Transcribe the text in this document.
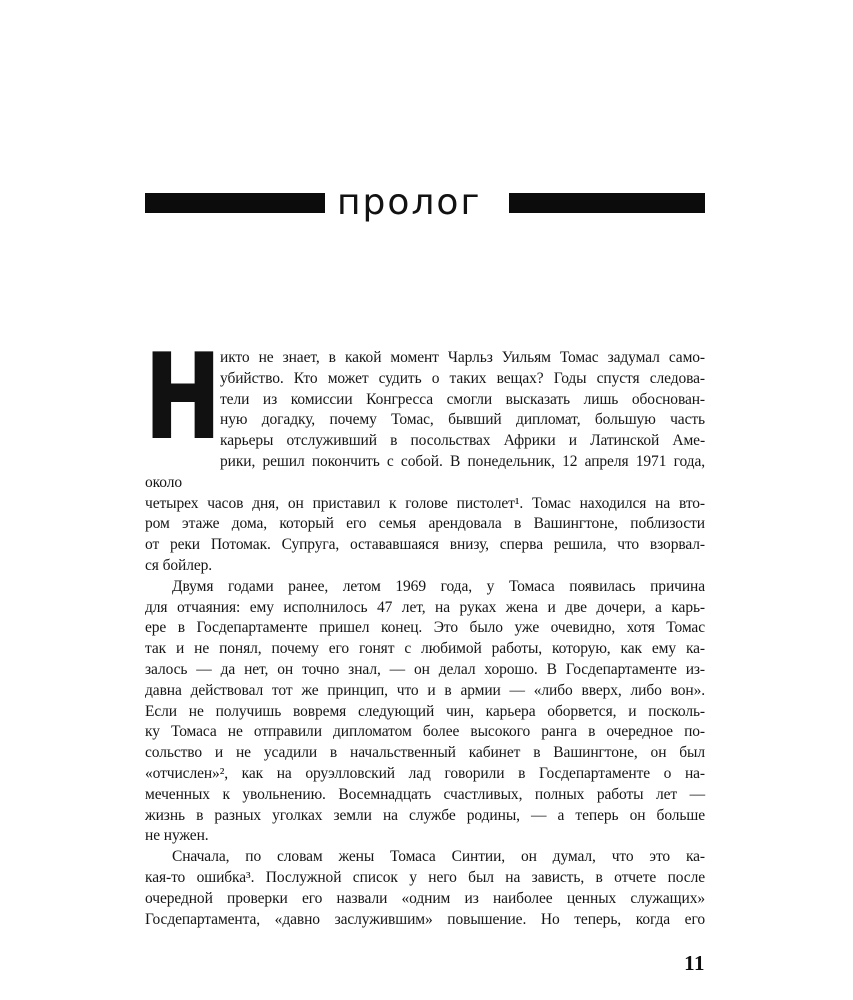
пролог
Н икто не знает, в какой момент Чарльз Уильям Томас задумал само-
убийство. Кто может судить о таких вещах? Годы спустя следова-
тели из комиссии Конгресса смогли высказать лишь обоснован-
ную догадку, почему Томас, бывший дипломат, большую часть
карьеры отслуживший в посольствах Африки и Латинской Аме-
рики, решил покончить с собой. В понедельник, 12 апреля 1971 года, около
четырех часов дня, он приставил к голове пистолет¹. Томас находился на вто-
ром этаже дома, который его семья арендовала в Вашингтоне, поблизости
от реки Потомак. Супруга, остававшаяся внизу, сперва решила, что взорвал-
ся бойлер.
Двумя годами ранее, летом 1969 года, у Томаса появилась причина
для отчаяния: ему исполнилось 47 лет, на руках жена и две дочери, а карь-
ере в Госдепартаменте пришел конец. Это было уже очевидно, хотя Томас
так и не понял, почему его гонят с любимой работы, которую, как ему ка-
залось — да нет, он точно знал, — он делал хорошо. В Госдепартаменте из-
давна действовал тот же принцип, что и в армии — «либо вверх, либо вон».
Если не получишь вовремя следующий чин, карьера оборвется, и посколь-
ку Томаса не отправили дипломатом более высокого ранга в очередное по-
сольство и не усадили в начальственный кабинет в Вашингтоне, он был
«отчислен»², как на оруэлловский лад говорили в Госдепартаменте о на-
меченных к увольнению. Восемнадцать счастливых, полных работы лет —
жизнь в разных уголках земли на службе родины, — а теперь он больше
не нужен.
Сначала, по словам жены Томаса Синтии, он думал, что это ка-
кая-то ошибка³. Послужной список у него был на зависть, в отчете после
очередной проверки его назвали «одним из наиболее ценных служащих»
Госдепартамента, «давно заслужившим» повышение. Но теперь, когда его
11
